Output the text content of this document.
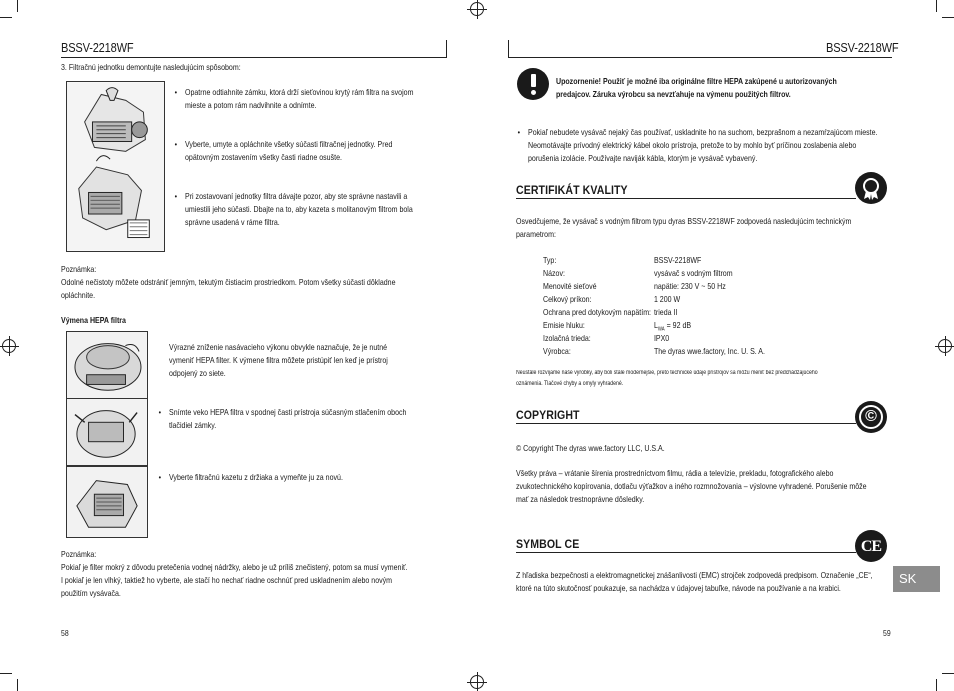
BSSV-2218WF
3. Filtračnú jednotku demontujte nasledujúcim spôsobom:
• Opatrne odtiahnite zámku, ktorá drží sieťovinou krytý rám filtra na svojom
mieste a potom rám nadvihnite a odnímte.
• Vyberte, umyte a opláchnite všetky súčasti filtračnej jednotky. Pred
opätovným zostavením všetky časti riadne osušte.
• Pri zostavovaní jednotky filtra dávajte pozor, aby ste správne nastavili a
umiestili jeho súčasti. Dbajte na to, aby kazeta s molitanovým filtrom bola
správne usadená v ráme filtra.
Poznámka:
Odolné nečistoty môžete odstrániť jemným, tekutým čistiacim prostriedkom. Potom všetky súčasti dôkladne
opláchnite.
Výmena HEPA filtra
Výrazné zníženie nasávacieho výkonu obvykle naznačuje, že je nutné
vymeniť HEPA filter. K výmene filtra môžete pristúpiť len keď je prístroj
odpojený zo siete.
• Snímte veko HEPA filtra v spodnej časti prístroja súčasným stlačením oboch
tlačidiel zámky.
• Vyberte filtračnú kazetu z držiaka a vymeňte ju za novú.
Poznámka:
Pokiaľ je filter mokrý z dôvodu pretečenia vodnej nádržky, alebo je už príliš znečistený, potom sa musí vymeniť.
I pokiaľ je len vlhký, taktiež ho vyberte, ale stačí ho nechať riadne oschnúť pred uskladnením alebo novým
použitím vysávača.
58
BSSV-2218WF
Upozornenie! Použiť je možné iba originálne filtre HEPA zakúpené u autorizovaných
predajcov. Záruka výrobcu sa nevzťahuje na výmenu použitých filtrov.
• Pokiaľ nebudete vysávač nejaký čas používať, uskladnite ho na suchom, bezprašnom a nezamŕzajúcom mieste.
Neomotávajte prívodný elektrický kábel okolo prístroja, pretože to by mohlo byť príčinou zoslabenia alebo
porušenia izolácie. Používajte naviják kábla, ktorým je vysávač vybavený.
CERTIFIKÁT KVALITY
Osvedčujeme, že vysávač s vodným filtrom typu dyras BSSV-2218WF zodpovedá nasledujúcim technickým
parametrom:
Typ:	BSSV-2218WF
Názov:	vysávač s vodným filtrom
Menovité sieťové	napätie: 230 V ~ 50 Hz
Celkový príkon:	1 200 W
Ochrana pred dotykovým napätím: trieda II
Emisie hluku:	$L_{WA} = 92$ dB
Izolačná trieda:	IPX0
Výrobca:	The dyras wwe.factory, Inc. U. S. A.
Neustále rozvíjame naše výrobky, aby boli stále modernejšie, preto technické údaje prístrojov sa môžu meniť bez predchádzajúceho
oznámenia. Tlačové chyby a omyly vyhradené.
COPYRIGHT	©
© Copyright The dyras wwe.factory LLC, U.S.A.
Všetky práva – vrátanie šírenia prostredníctvom filmu, rádia a televízie, prekladu, fotografického alebo
zvukotechnického kopírovania, dotlaču výťažkov a iného rozmnožovania – výslovne vyhradené. Porušenie môže
mať za následok trestnoprávne dôsledky.
SYMBOL CE	CE
Z hľadiska bezpečnosti a elektromagnetickej znášanlivosti (EMC) strojček zodpovedá predpisom. Označenie „CE“,
ktoré na túto skutočnosť poukazuje, sa nachádza v údajovej tabuľke, návode na používanie a na krabici.
SK
59
